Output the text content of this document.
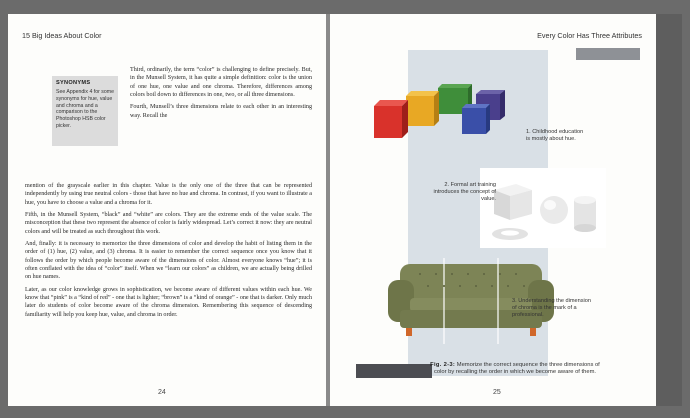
15 Big Ideas About Color
SYNONYMS
See Appendix 4 for some synonyms for hue, value and chroma and a comparison to the Photoshop HSB color picker.

Third, ordinarily, the term “color” is challenging to define precisely. But, in the Munsell System, it has quite a simple definition: color is the union of one hue, one value and one chroma. Therefore, differences among colors boil down to differences in one, two, or all three dimensions.

Fourth, Munsell’s three dimensions relate to each other in an interesting way. Recall the

mention of the grayscale earlier in this chapter. Value is the only one of the three that can be represented independently by using true neutral colors - those that have no hue and chroma. In contrast, if you want to illustrate a hue, you have to choose a value and a chroma for it.

Fifth, in the Munsell System, “black” and “white” are colors. They are the extreme ends of the value scale. The misconception that these two represent the absence of color is fairly widespread. Let’s correct it now: they are neutral colors and will be treated as such throughout this work.

And, finally: it is necessary to memorize the three dimensions of color and develop the habit of listing them in the order of (1) hue, (2) value, and (3) chroma. It is easier to remember the correct sequence once you know that it follows the order by which people become aware of the dimensions of color. Almost everyone knows “hue”; it is often conflated with the idea of “color” itself. When we “learn our colors” as children, we are actually being drilled on hue names.

Later, as our color knowledge grows in sophistication, we become aware of different values within each hue. We know that “pink” is a “kind of red” - one that is lighter; “brown” is a “kind of orange” - one that is darker. Only much later do students of color become aware of the chroma dimension. Remembering this sequence of descending familiarity will help you keep hue, value, and chroma in order.

24
Every Color Has Three Attributes
1. Childhood education is mostly about hue.
2. Formal art training introduces the concept of value.
3. Understanding the dimension of chroma is the mark of a professional.
Fig. 2-3: Memorize the correct sequence the three dimensions of color by recalling the order in which we become aware of them.
25
